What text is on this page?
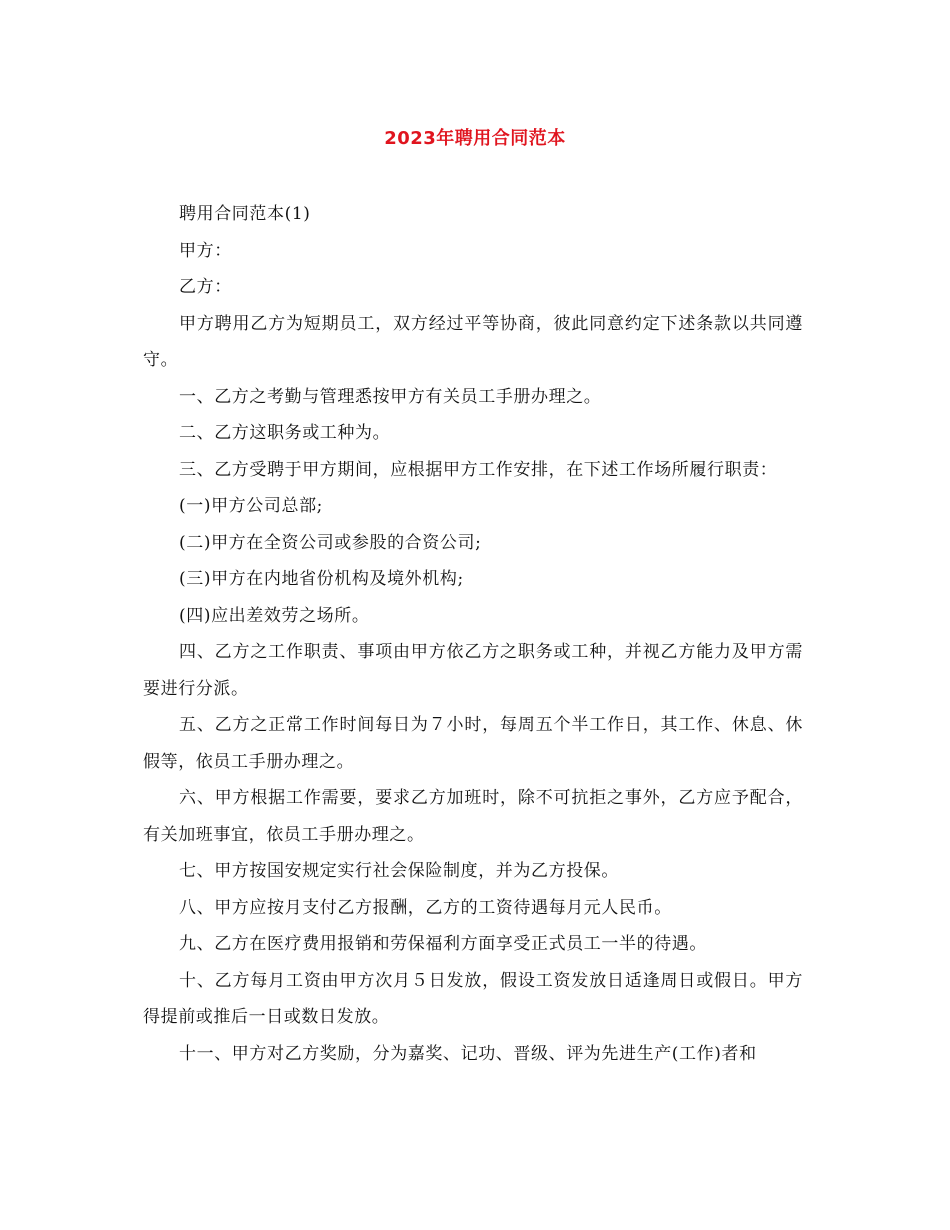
2023年聘用合同范本

聘用合同范本(1)

甲方：

乙方：

甲方聘用乙方为短期员工，双方经过平等协商，彼此同意约定下述条款以共同遵守。

一、乙方之考勤与管理悉按甲方有关员工手册办理之。

二、乙方这职务或工种为。

三、乙方受聘于甲方期间，应根据甲方工作安排，在下述工作场所履行职责：

(一)甲方公司总部;

(二)甲方在全资公司或参股的合资公司;

(三)甲方在内地省份机构及境外机构;

(四)应出差效劳之场所。

四、乙方之工作职责、事项由甲方依乙方之职务或工种，并视乙方能力及甲方需要进行分派。

五、乙方之正常工作时间每日为７小时，每周五个半工作日，其工作、休息、休假等，依员工手册办理之。

六、甲方根据工作需要，要求乙方加班时，除不可抗拒之事外，乙方应予配合，有关加班事宜，依员工手册办理之。

七、甲方按国安规定实行社会保险制度，并为乙方投保。

八、甲方应按月支付乙方报酬，乙方的工资待遇每月元人民币。

九、乙方在医疗费用报销和劳保福利方面享受正式员工一半的待遇。

十、乙方每月工资由甲方次月５日发放，假设工资发放日适逢周日或假日。甲方得提前或推后一日或数日发放。

十一、甲方对乙方奖励，分为嘉奖、记功、晋级、评为先进生产(工作)者和
